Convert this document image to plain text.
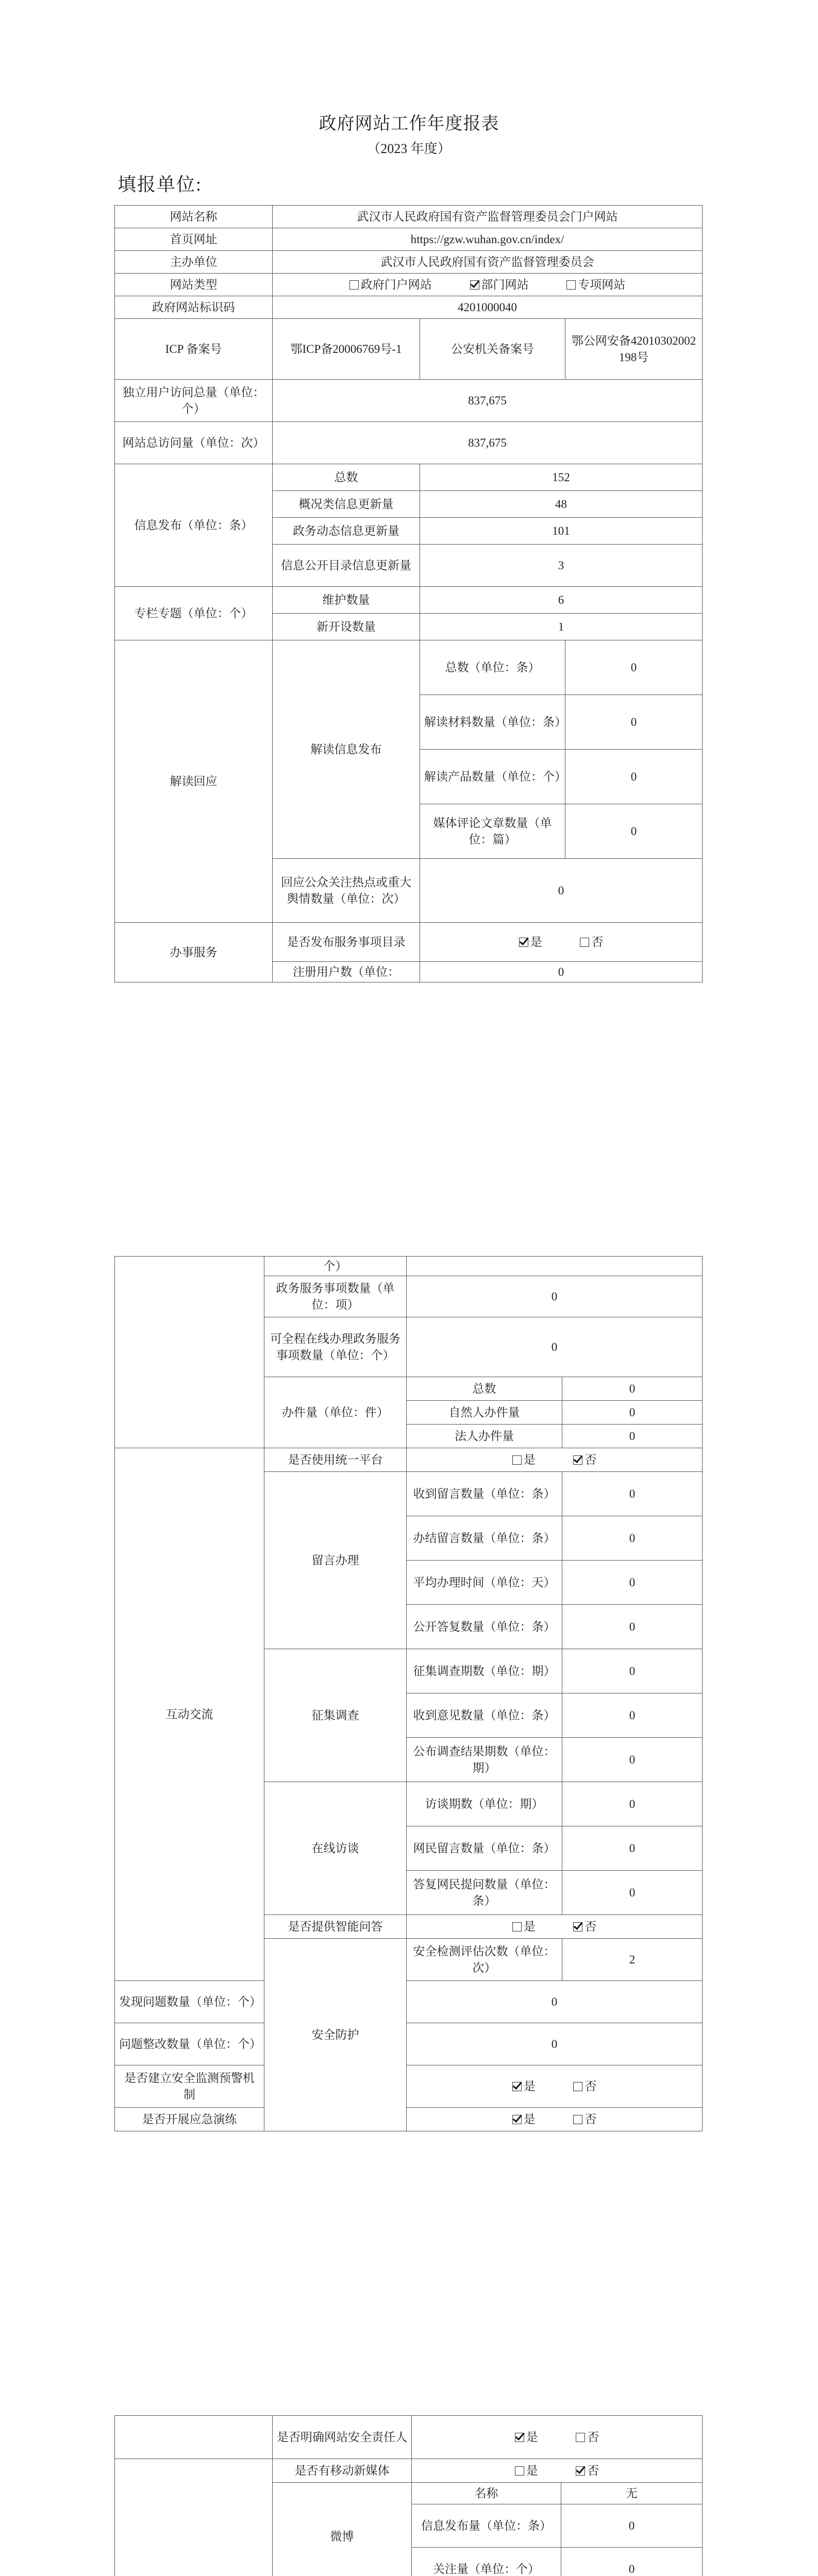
政府网站工作年度报表
（2023 年度）
填报单位:
网站名称	武汉市人民政府国有资产监督管理委员会门户网站		
首页网址	https://gzw.wuhan.gov.cn/index/		
主办单位	武汉市人民政府国有资产监督管理委员会		
网站类型	政府门户网站 部门网站 专项网站		
政府网站标识码	4201000040		
ICP 备案号	鄂ICP备20006769号-1	公安机关备案号	鄂公网安备42010302002198号
独立用户访问总量（单位：个）	837,675		
网站总访问量（单位：次）	837,675		
信息发布（单位：条）	总数	152	
	概况类信息更新量	48	
	政务动态信息更新量	101	
	信息公开目录信息更新量	3	
专栏专题（单位：个）	维护数量	6	
	新开设数量	1	
解读回应	解读信息发布	总数（单位：条）	0
		解读材料数量（单位：条）	0
		解读产品数量（单位：个）	0
		媒体评论文章数量（单位：篇）	0
	回应公众关注热点或重大舆情数量（单位：次）	0	
办事服务	是否发布服务事项目录	是 否	
	注册用户数（单位：	0	
	个）		
	政务服务事项数量（单位：项）	0	
	可全程在线办理政务服务事项数量（单位：个）	0	
	办件量（单位：件）	总数	0
		自然人办件量	0
		法人办件量	0
互动交流	是否使用统一平台	是 否	
	留言办理	收到留言数量（单位：条）	0
		办结留言数量（单位：条）	0
		平均办理时间（单位：天）	0
		公开答复数量（单位：条）	0
	征集调查	征集调查期数（单位：期）	0
		收到意见数量（单位：条）	0
		公布调查结果期数（单位：期）	0
	在线访谈	访谈期数（单位：期）	0
		网民留言数量（单位：条）	0
		答复网民提问数量（单位：条）	0
	是否提供智能问答	是 否	
	安全防护	安全检测评估次数（单位：次）	2
发现问题数量（单位：个）		0	
问题整改数量（单位：个）		0	
是否建立安全监测预警机制		是 否	
是否开展应急演练		是 否	
	是否明确网站安全责任人	是 否	
	是否有移动新媒体	是 否	
	微博	名称	无
		信息发布量（单位：条）	0
		关注量（单位：个）	0
